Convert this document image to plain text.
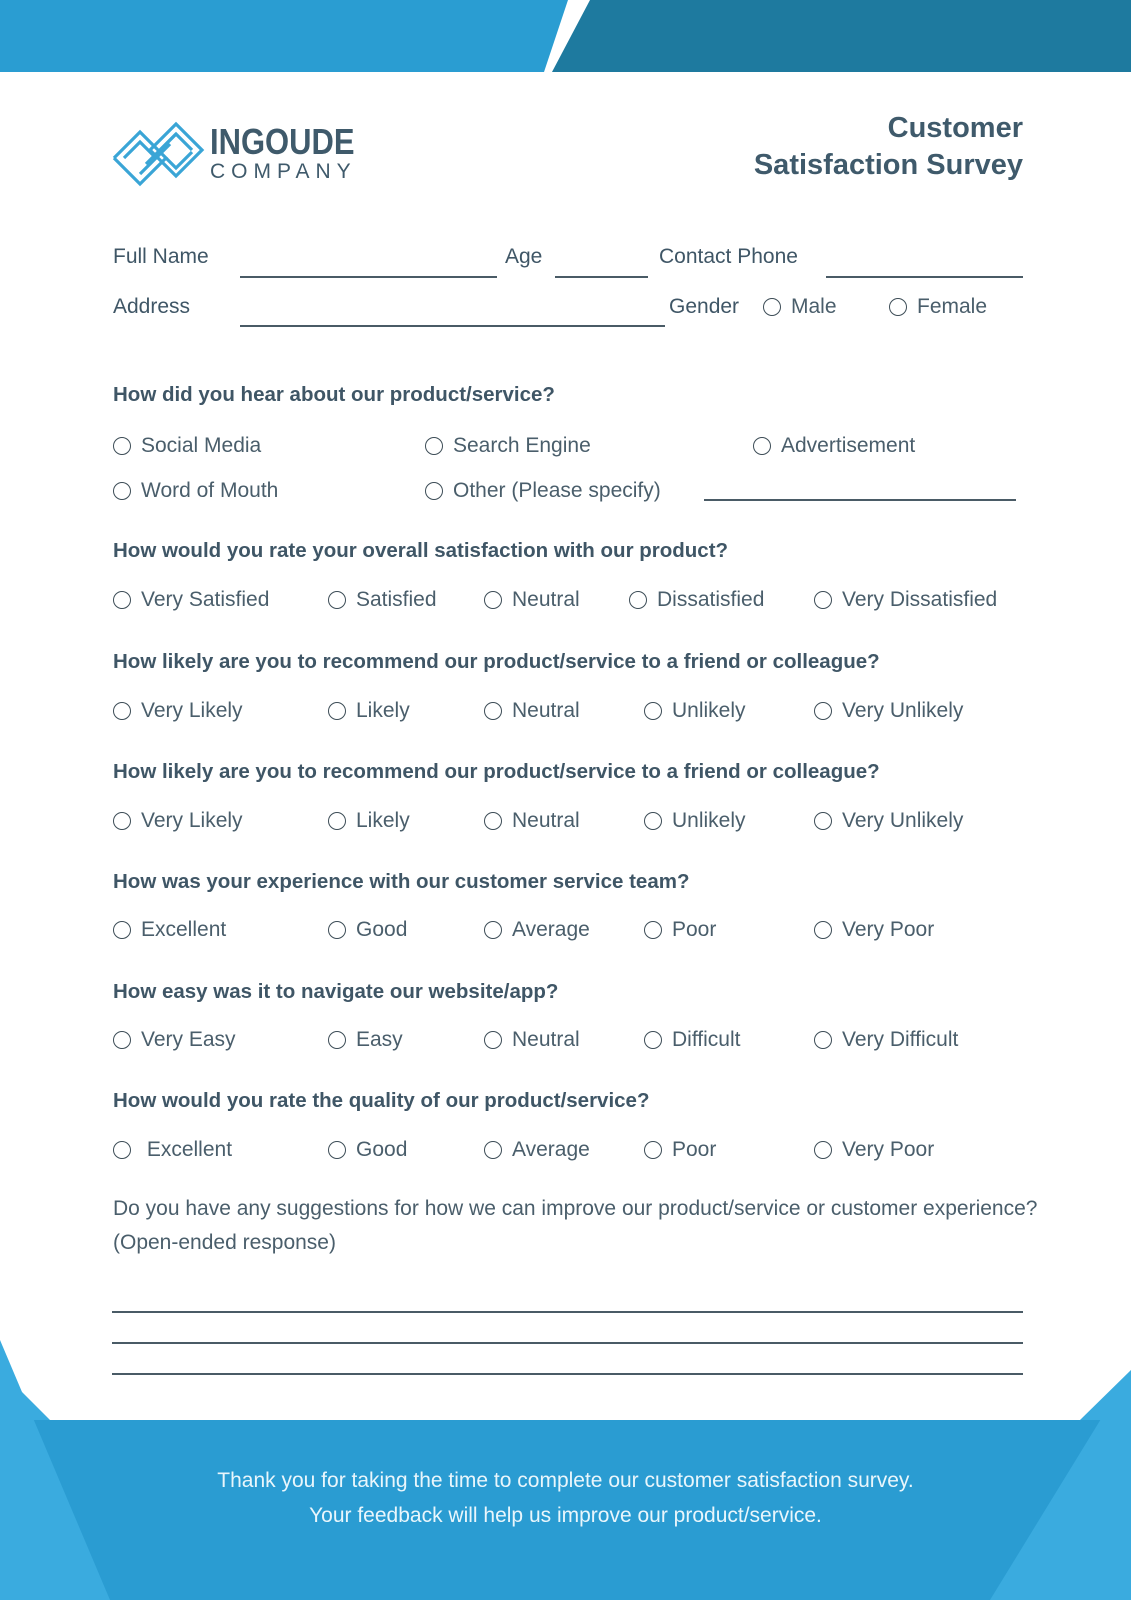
INGOUDE
COMPANY
Customer
Satisfaction Survey
Full Name	Age	Contact Phone
Address	Gender Male	Female
How did you hear about our product/service?
Social Media	Search Engine	Advertisement
Word of Mouth	Other (Please specify)
How would you rate your overall satisfaction with our product?
Very Satisfied	Satisfied	Neutral	Dissatisfied	Very Dissatisfied
How likely are you to recommend our product/service to a friend or colleague?
Very Likely	Likely	Neutral	Unlikely	Very Unlikely
How likely are you to recommend our product/service to a friend or colleague?
Very Likely	Likely	Neutral	Unlikely	Very Unlikely
How was your experience with our customer service team?
Excellent	Good	Average	Poor	Very Poor
How easy was it to navigate our website/app?
Very Easy	Easy	Neutral	Difficult	Very Difficult
How would you rate the quality of our product/service?
Excellent	Good	Average	Poor	Very Poor
Do you have any suggestions for how we can improve our product/service or customer experience? (Open-ended response)
Thank you for taking the time to complete our customer satisfaction survey.
Your feedback will help us improve our product/service.
